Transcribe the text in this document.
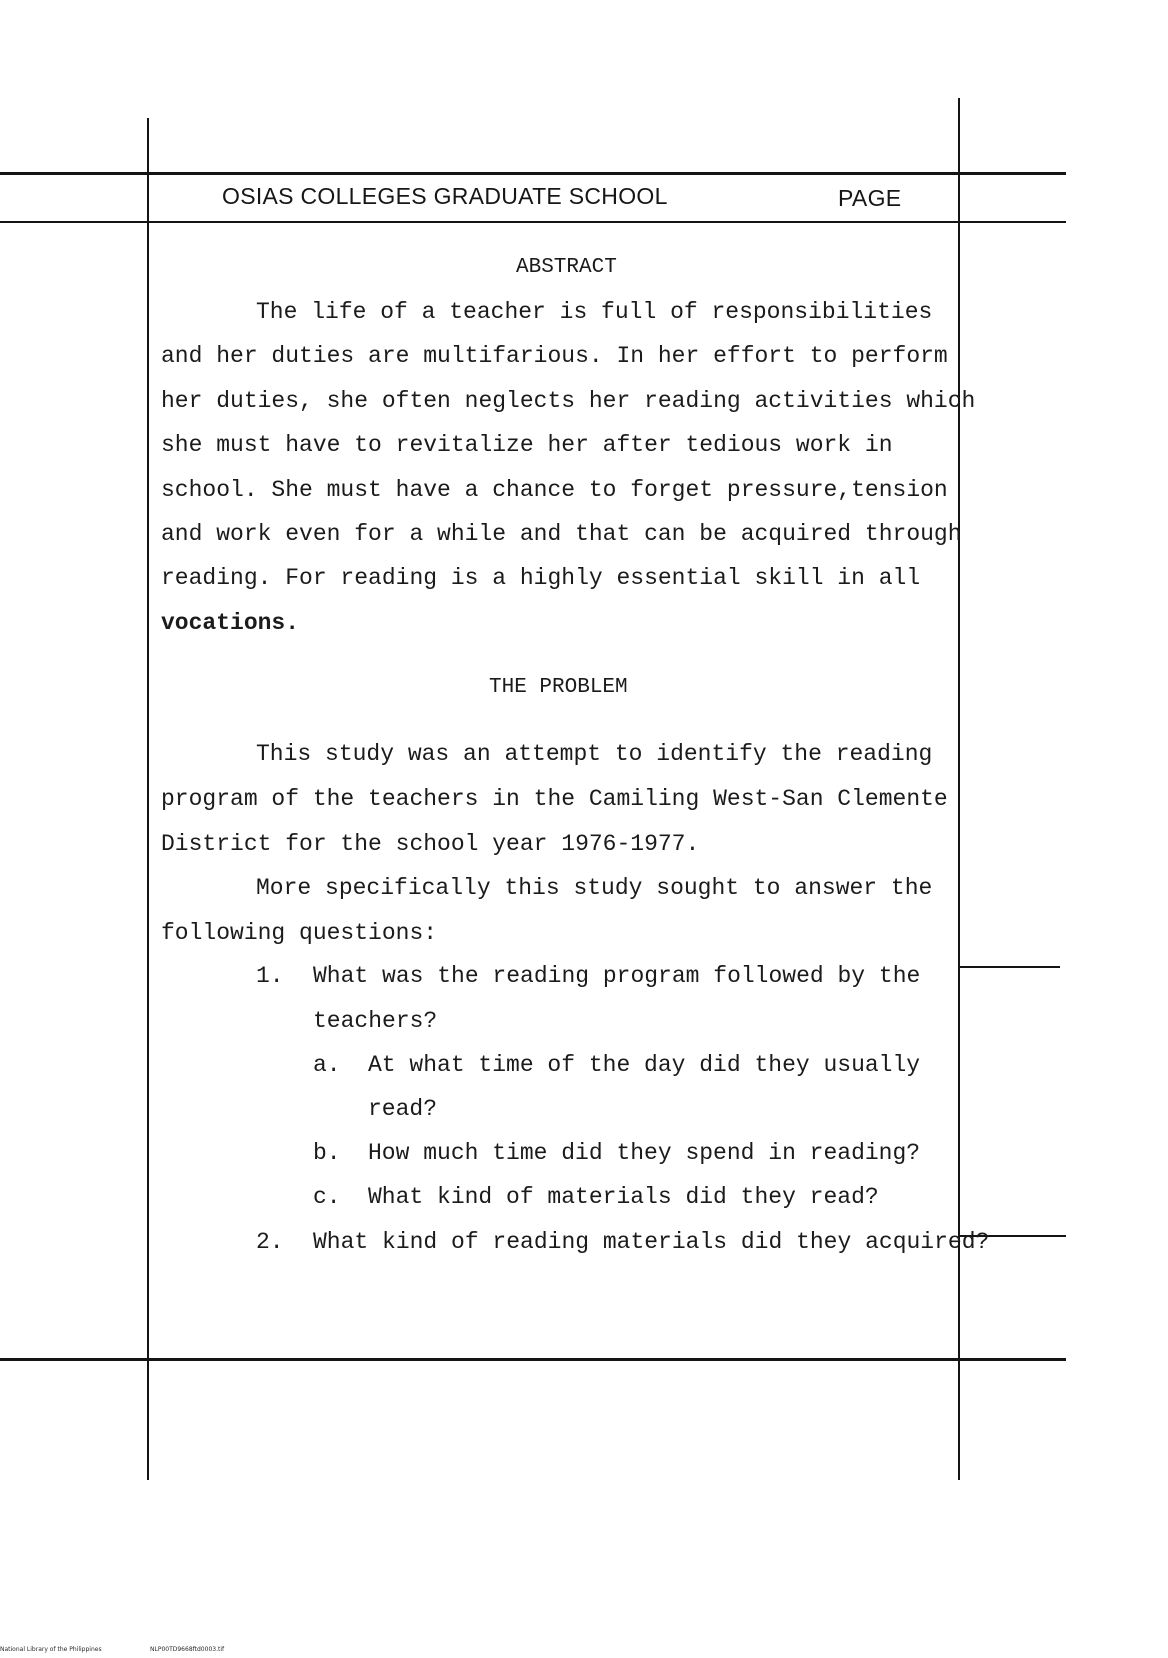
OSIAS COLLEGES GRADUATE SCHOOL	PAGE
ABSTRACT
The life of a teacher is full of responsibilities
and her duties are multifarious. In her effort to perform
her duties, she often neglects her reading activities which
she must have to revitalize her after tedious work in
school. She must have a chance to forget pressure,tension
and work even for a while and that can be acquired through
reading. For reading is a highly essential skill in all
vocations.
THE PROBLEM
This study was an attempt to identify the reading
program of the teachers in the Camiling West-San Clemente
District for the school year 1976-1977.
More specifically this study sought to answer the
following questions:
1. What was the reading program followed by the
teachers?
a. At what time of the day did they usually
read?
b. How much time did they spend in reading?
c. What kind of materials did they read?
2. What kind of reading materials did they acquired?
National Library of the Philippines	NLP00TD9668ftd0003.tif
